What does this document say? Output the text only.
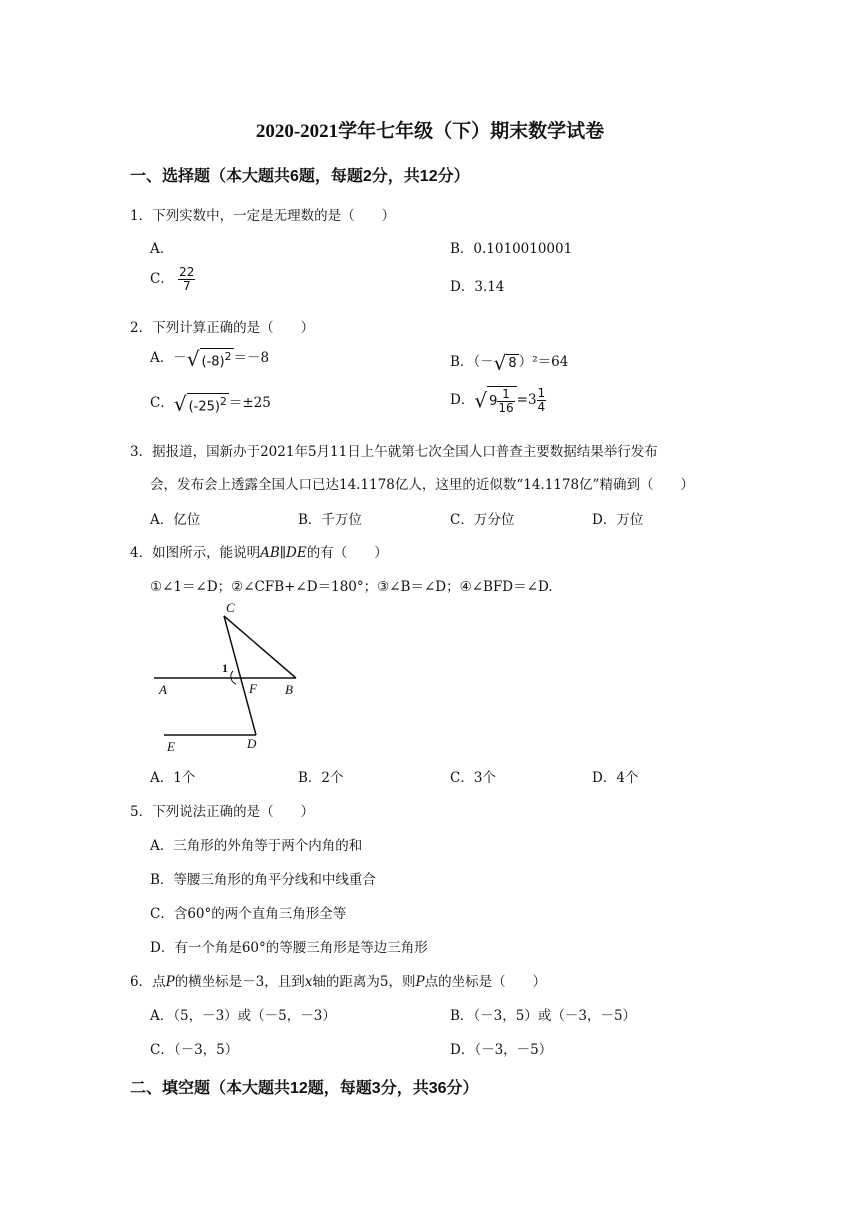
2020-2021学年七年级（下）期末数学试卷
一、选择题（本大题共6题，每题2分，共12分）
1．下列实数中，一定是无理数的是（　　）
A．	B．0.1010010001
C． $\frac{22}{7}$	D．3.14
2．下列计算正确的是（　　）
A．－√ $(-8)^2 =-8$	B．（－√ 8 ）²＝64
C．√ $(-25)^2 =\pm 25$	D．√ $9 \frac{1}{16} =3 \frac{1}{4}$
3．据报道，国新办于2021年5月11日上午就第七次全国人口普查主要数据结果举行发布
会，发布会上透露全国人口已达14.1178亿人，这里的近似数“14.1178亿”精确到（　　）
A．亿位	B．千万位	C．万分位	D．万位
4．如图所示，能说明AB∥DE的有（　　）
①∠1＝∠D；②∠CFB+∠D＝180°；③∠B＝∠D；④∠BFD＝∠D.
C
1
A	F B
E	D
A．1个	B．2个	C．3个	D．4个
5．下列说法正确的是（　　）
A．三角形的外角等于两个内角的和
B．等腰三角形的角平分线和中线重合
C．含60°的两个直角三角形全等
D．有一个角是60°的等腰三角形是等边三角形
6．点P的横坐标是－3，且到x轴的距离为5，则P点的坐标是（　　）
A．（5，－3）或（－5，－3）	B．（－3，5）或（－3，－5）
C．（－3，5）	D．（－3，－5）
二、填空题（本大题共12题，每题3分，共36分）
